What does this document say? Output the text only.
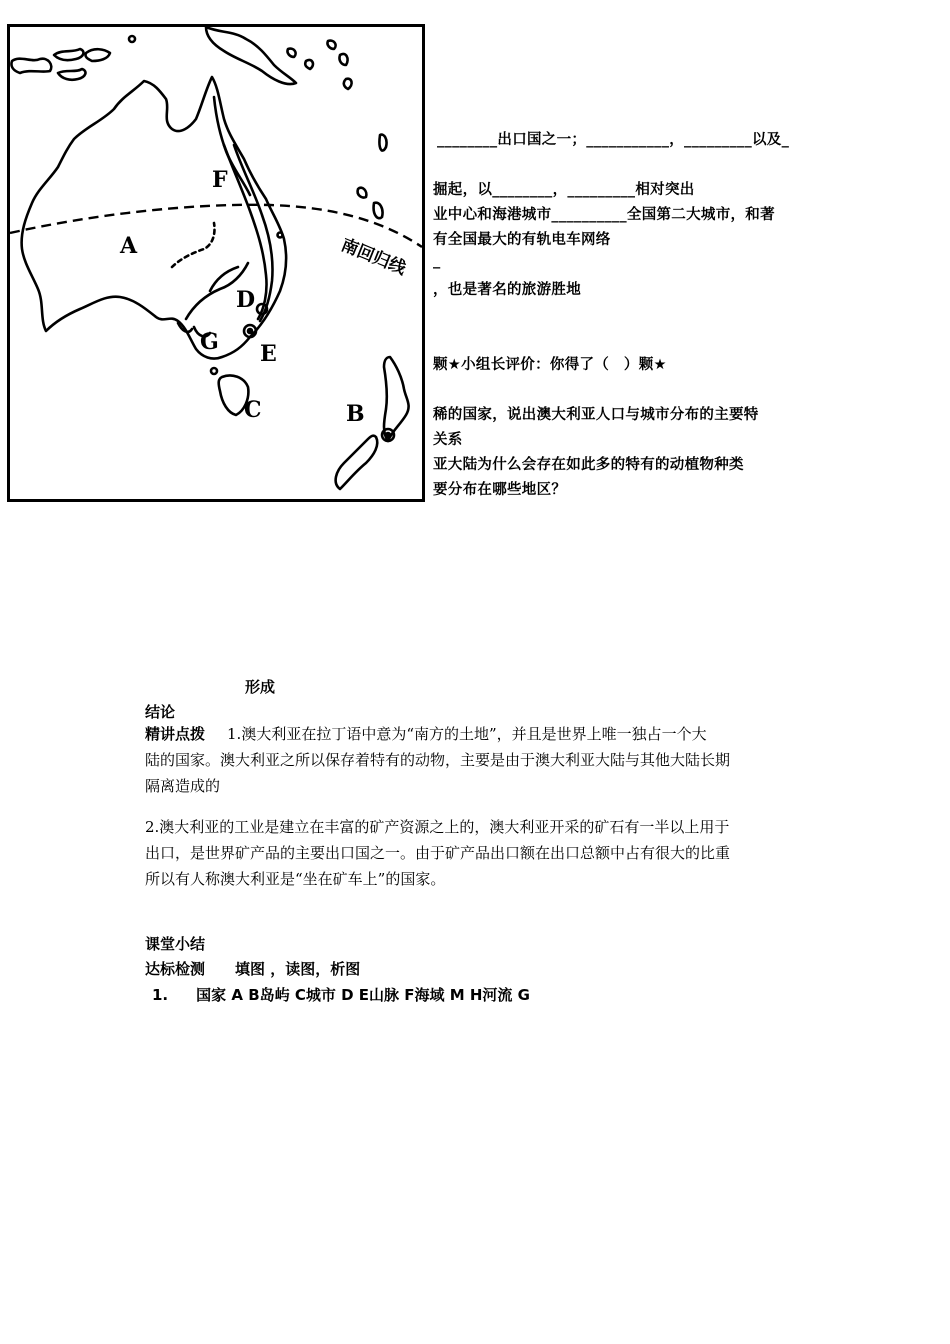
A
F
D
G E
C	B
南回归线
________出口国之一；___________，_________以及_
掘起，以________，_________相对突出
业中心和海港城市__________全国第二大城市，和著
有全国最大的有轨电车网络
_
，也是著名的旅游胜地
颗★小组长评价：你得了（　）颗★
稀的国家，说出澳大利亚人口与城市分布的主要特
关系
亚大陆为什么会存在如此多的特有的动植物种类
要分布在哪些地区？
形成
结论
精讲点拨 1.澳大利亚在拉丁语中意为“南方的土地”，并且是世界上唯一独占一个大
陆的国家。澳大利亚之所以保存着特有的动物，主要是由于澳大利亚大陆与其他大陆长期
隔离造成的
2.澳大利亚的工业是建立在丰富的矿产资源之上的，澳大利亚开采的矿石有一半以上用于
出口，是世界矿产品的主要出口国之一。由于矿产品出口额在出口总额中占有很大的比重
所以有人称澳大利亚是“坐在矿车上”的国家。
课堂小结
达标检测 填图 ，读图，析图
1. 国家 A B岛屿 C城市 D E山脉 F海域 M H河流 G
